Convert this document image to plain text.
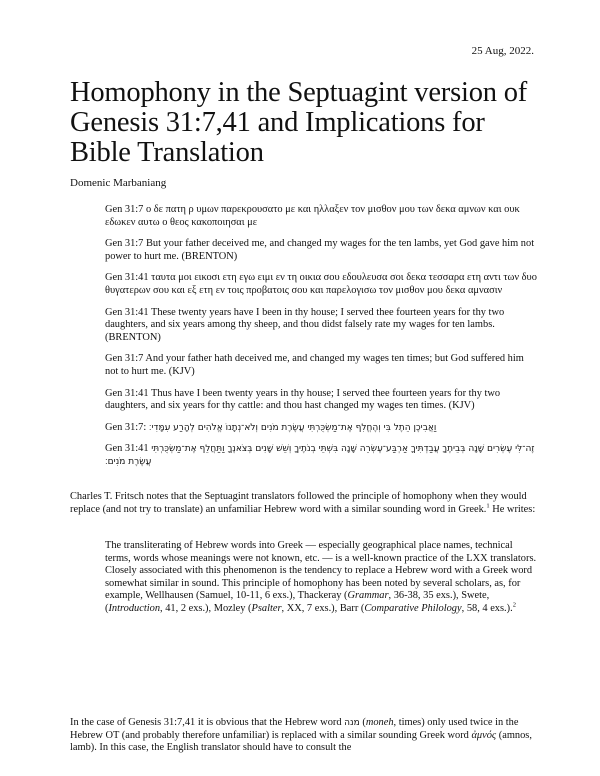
25 Aug, 2022.
Homophony in the Septuagint version of Genesis 31:7,41 and Implications for Bible Translation
Domenic Marbaniang

Gen 31:7 ο δε πατη ρ υμων παρεκρουσατο με και ηλλαξεν τον μισθον μου των δεκα αμνων και ουκ εδωκεν αυτω ο θεος κακοποιησαι με

Gen 31:7 But your father deceived me, and changed my wages for the ten lambs, yet God gave him not power to hurt me. (BRENTON)

Gen 31:41 ταυτα μοι εικοσι ετη εγω ειμι εν τη οικια σου εδουλευσα σοι δεκα τεσσαρα ετη αντι των δυο θυγατερων σου και εξ ετη εν τοις προβατοις σου και παρελογισω τον μισθον μου δεκα αμνασιν

Gen 31:41 These twenty years have I been in thy house; I served thee fourteen years for thy two daughters, and six years among thy sheep, and thou didst falsely rate my wages for ten lambs. (BRENTON)

Gen 31:7 And your father hath deceived me, and changed my wages ten times; but God suffered him not to hurt me. (KJV)

Gen 31:41 Thus have I been twenty years in thy house; I served thee fourteen years for thy two daughters, and six years for thy cattle: and thou hast changed my wages ten times. (KJV)

Gen 31:7: וַאֲבִיכֶן הֵתֶל בִּי וְהֶחֱלִף אֶת־מַשְׂכֻּרְתִּי עֲשֶׂרֶת מֹנִים וְלֹא־נְתָנוֹ אֱלֹהִים לְהָרַע עִמָּדִי׃

Gen 31:41 זֶה־לִּי עֶשְׂרִים שָׁנָה בְּבֵיתֶךָ עֲבַדְתִּיךָ אַרְבַּע־עֶשְׂרֵה שָׁנָה בִּשְׁתֵּי בְנֹתֶיךָ וְשֵׁשׁ שָׁנִים בְּצֹאנֶךָ וַתַּחֲלֵף אֶת־מַשְׂכֻּרְתִּי עֲשֶׂרֶת מֹנִים׃

Charles T. Fritsch notes that the Septuagint translators followed the principle of homophony when they would replace (and not try to translate) an unfamiliar Hebrew word with a similar sounding word in Greek.$^1$ He writes:

The transliterating of Hebrew words into Greek — especially geographical place names, technical terms, words whose meanings were not known, etc. — is a well-known practice of the LXX translators. Closely associated with this phenomenon is the tendency to replace a Hebrew word with a Greek word somewhat similar in sound. This principle of homophony has been noted by several scholars, as, for example, Wellhausen (Samuel, 10-11, 6 exs.), Thackeray (Grammar, 36-38, 35 exs.), Swete, (Introduction, 41, 2 exs.), Mozley (Psalter, XX, 7 exs.), Barr (Comparative Philology, 58, 4 exs.).$^2$

In the case of Genesis 31:7,41 it is obvious that the Hebrew word מנה (moneh, times) only used twice in the Hebrew OT (and probably therefore unfamiliar) is replaced with a similar sounding Greek word ἀμνός (amnos, lamb). In this case, the English translator should have to consult the
